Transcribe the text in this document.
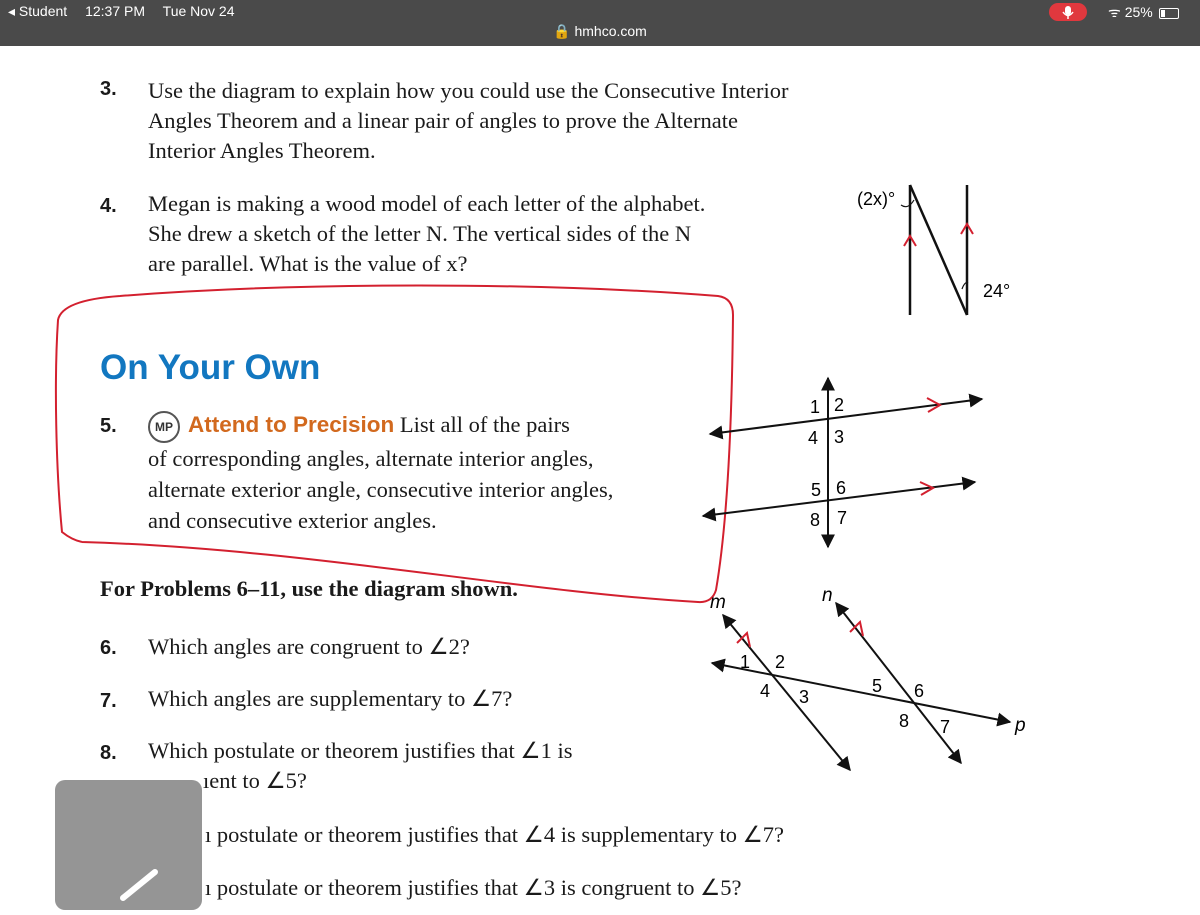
◂ Student 12:37 PM Tue Nov 24
🔒 hmhco.com
ᯤ 25%
3. Use the diagram to explain how you could use the Consecutive Interior
Angles Theorem and a linear pair of angles to prove the Alternate
Interior Angles Theorem.
4. Megan is making a wood model of each letter of the alphabet.
She drew a sketch of the letter N. The vertical sides of the N
are parallel. What is the value of x?
On Your Own
5.	MP Attend to Precision List all of the pairs
of corresponding angles, alternate interior angles,
alternate exterior angle, consecutive interior angles,
and consecutive exterior angles.
For Problems 6–11, use the diagram shown.
6. Which angles are congruent to ∠2?
7. Which angles are supplementary to ∠7?
8. Which postulate or theorem justifies that ∠1 is
ıent to ∠5?
ı postulate or theorem justifies that ∠4 is supplementary to ∠7?
ı postulate or theorem justifies that ∠3 is congruent to ∠5?
(2x)°
24°
1 2
4 3
5 6
8 7
m	n
p
1 2
4 3
5 6
8 7
